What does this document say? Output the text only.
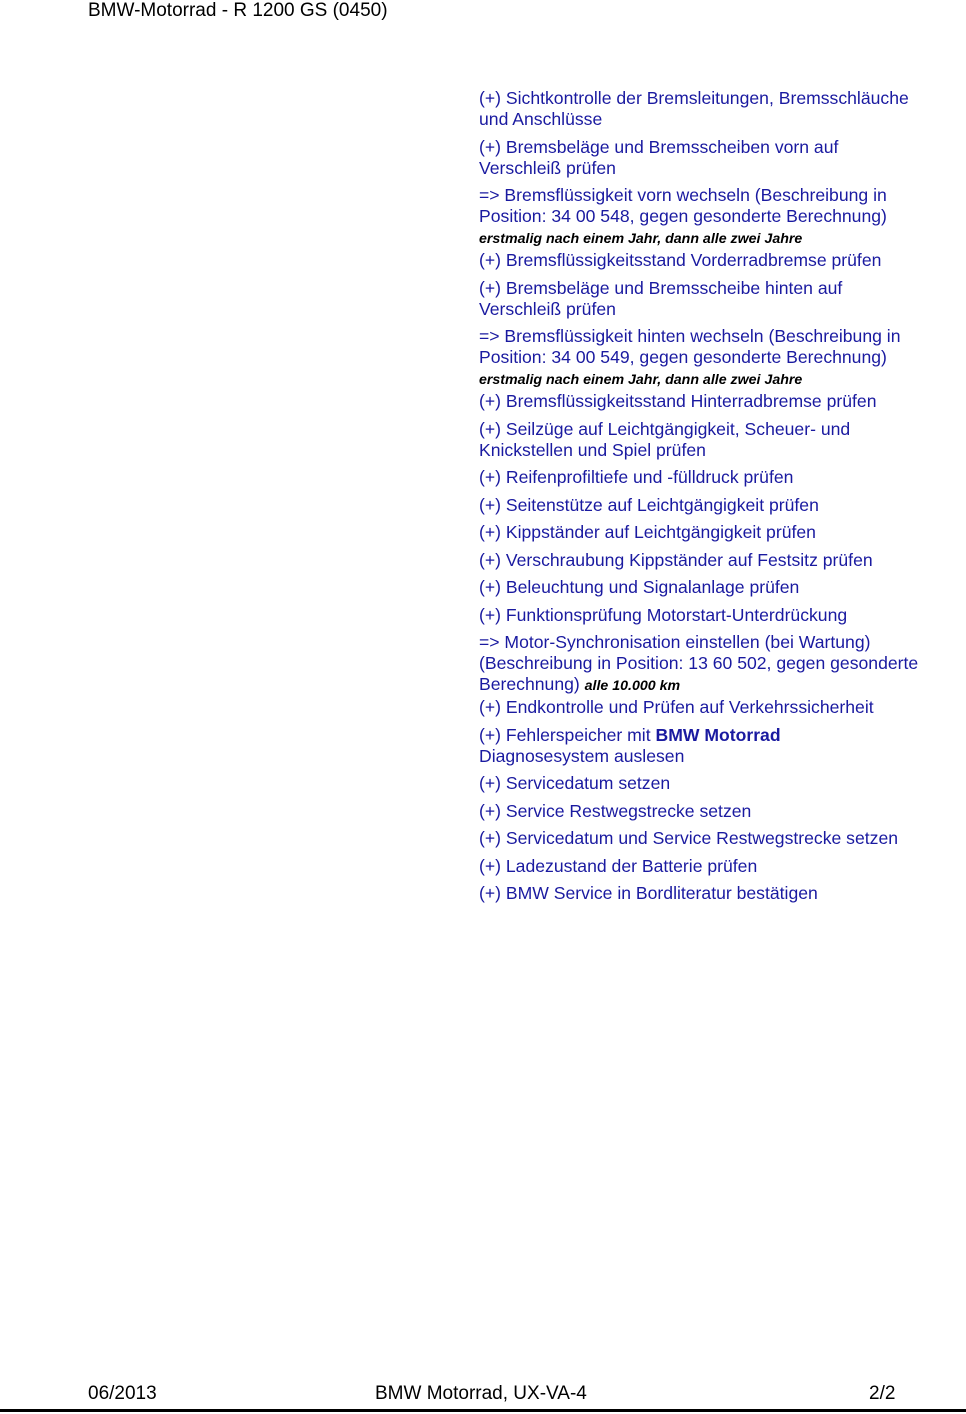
BMW-Motorrad - R 1200 GS (0450)
(+) Sichtkontrolle der Bremsleitungen, Bremsschläuche und Anschlüsse
(+) Bremsbeläge und Bremsscheiben vorn auf Verschleiß prüfen
=> Bremsflüssigkeit vorn wechseln (Beschreibung in Position: 34 00 548, gegen gesonderte Berechnung) erstmalig nach einem Jahr, dann alle zwei Jahre
(+) Bremsflüssigkeitsstand Vorderradbremse prüfen
(+) Bremsbeläge und Bremsscheibe hinten auf Verschleiß prüfen
=> Bremsflüssigkeit hinten wechseln (Beschreibung in Position: 34 00 549, gegen gesonderte Berechnung) erstmalig nach einem Jahr, dann alle zwei Jahre
(+) Bremsflüssigkeitsstand Hinterradbremse prüfen
(+) Seilzüge auf Leichtgängigkeit, Scheuer- und Knickstellen und Spiel prüfen
(+) Reifenprofiltiefe und -fülldruck prüfen
(+) Seitenstütze auf Leichtgängigkeit prüfen
(+) Kippständer auf Leichtgängigkeit prüfen
(+) Verschraubung Kippständer auf Festsitz prüfen
(+) Beleuchtung und Signalanlage prüfen
(+) Funktionsprüfung Motorstart-Unterdrückung
=> Motor-Synchronisation einstellen (bei Wartung) (Beschreibung in Position: 13 60 502, gegen gesonderte Berechnung) alle 10.000 km
(+) Endkontrolle und Prüfen auf Verkehrssicherheit
(+) Fehlerspeicher mit BMW Motorrad
Diagnosesystem auslesen
(+) Servicedatum setzen
(+) Service Restwegstrecke setzen
(+) Servicedatum und Service Restwegstrecke setzen
(+) Ladezustand der Batterie prüfen
(+) BMW Service in Bordliteratur bestätigen
06/2013	BMW Motorrad, UX-VA-4	2/2
